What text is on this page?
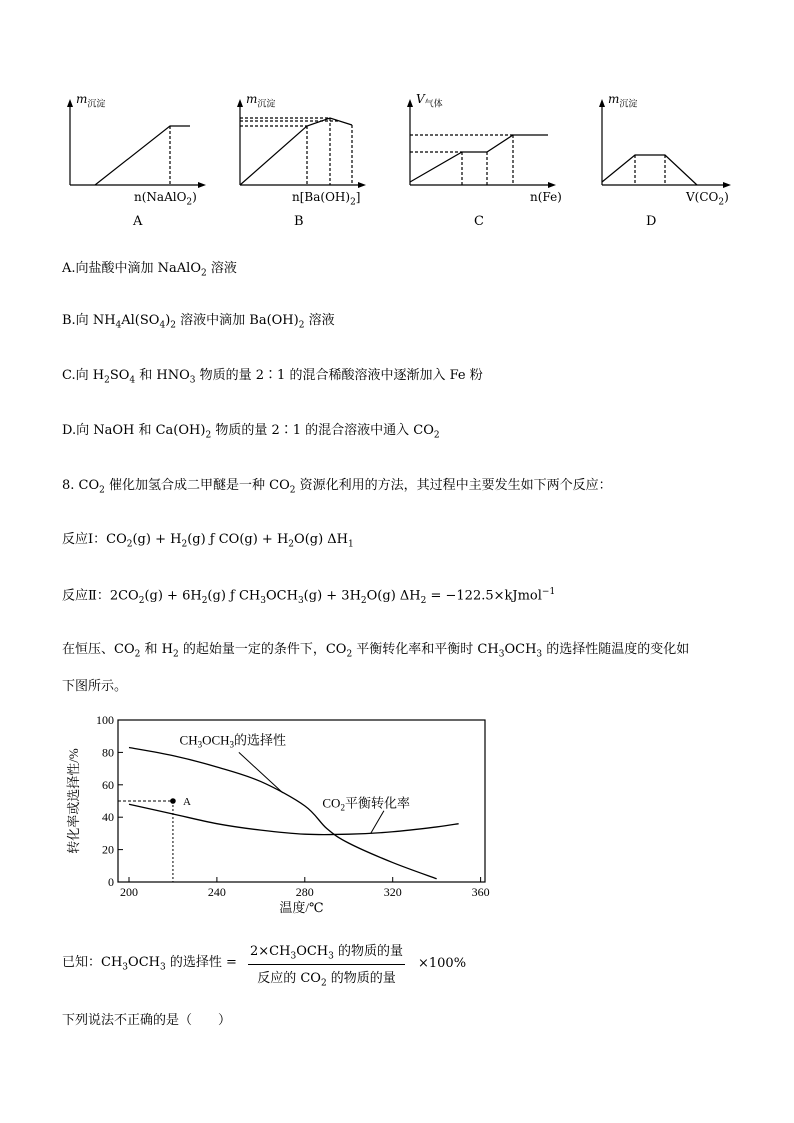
$m_{沉淀}$
n(NaAlO$_2$)
A
$m_{沉淀}$
$n[Ba(OH)_2]$
B
$V_{气体}$
n(Fe)
C
$m_{沉淀}$
$V(CO_2)$
D
A.向盐酸中滴加 NaAlO$_2$ 溶液
B.向 $NH_4Al(SO_4)_2$ 溶液中滴加 $Ba(OH)_2$ 溶液
C.向 $H_2SO_4$ 和 $HNO_3$ 物质的量 2∶1 的混合稀酸溶液中逐渐加入 Fe 粉
D.向 NaOH 和 $Ca(OH)_2$ 物质的量 2∶1 的混合溶液中通入 $CO_2$
8. $CO_2$ 催化加氢合成二甲醚是一种 $CO_2$ 资源化利用的方法，其过程中主要发生如下两个反应：
反应Ⅰ：$CO_2(g) + H_2(g)$ ƒ $CO(g) + H_2O(g)$ $\Delta H_1$
反应Ⅱ：$2CO_2(g) + 6H_2(g)$ ƒ $CH_3OCH_3(g) + 3H_2O(g) \Delta H_2$ = −122.5×kJmol$^{-1}$
在恒压、$CO_2$ 和 $H_2$ 的起始量一定的条件下，$CO_2$ 平衡转化率和平衡时 $CH_3OCH_3$ 的选择性随温度的变化如
下图所示。
0
20
40
60
80
100
200	240	280	320	360
$CH_3OCH_3$的选择性
$CO_2$平衡转化率
A
温度/℃
转化率或选择性/%
已知：$CH_3OCH_3$ 的选择性 =
$2\times CH_3OCH_3$ 的物质的量
反应的 $CO_2$ 的物质的量
×100%
下列说法不正确的是（　　）
